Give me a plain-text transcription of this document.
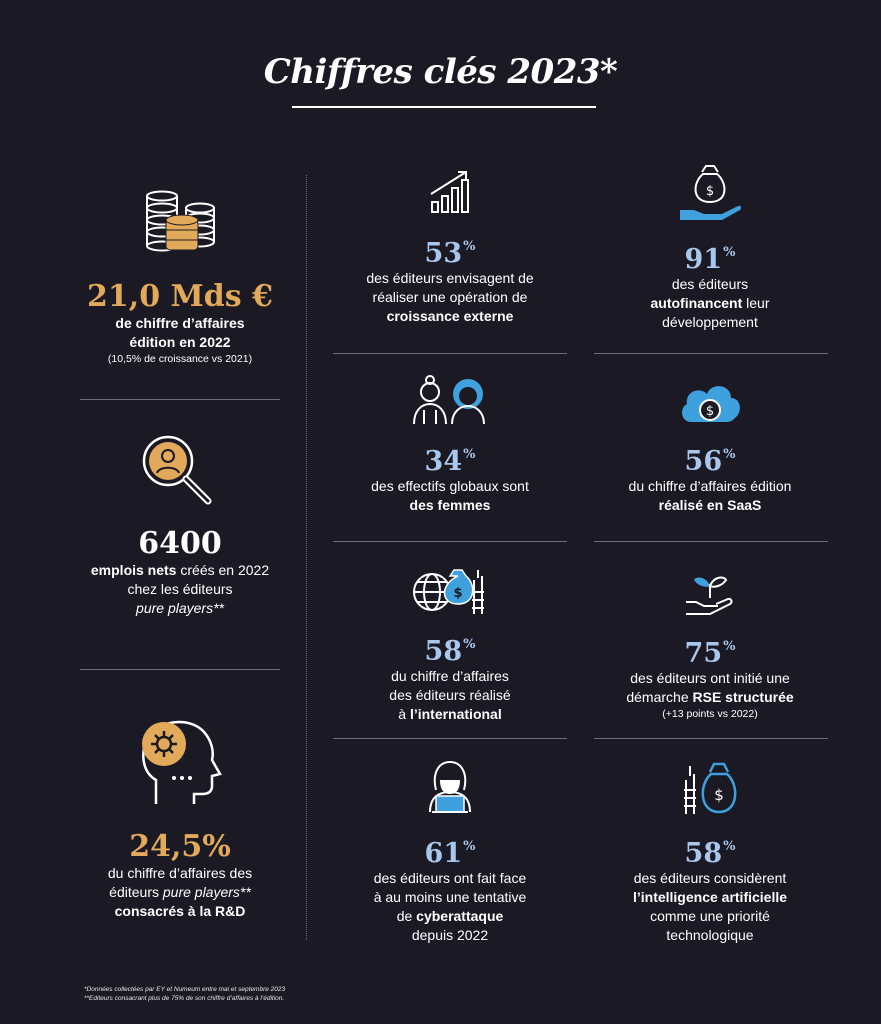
Chiffres clés 2023*
21,0 Mds €
de chiffre d’affaires
édition en 2022
(10,5% de croissance vs 2021)
6400
emplois nets créés en 2022
chez les éditeurs
pure players**
24,5%
du chiffre d’affaires des
éditeurs pure players**
consacrés à la R&D
53%
des éditeurs envisagent de
réaliser une opération de
croissance externe
$
91%
des éditeurs
autofinancent leur
développement
34%
des effectifs globaux sont
des femmes
$
56%
du chiffre d’affaires édition
réalisé en SaaS
$
58%
du chiffre d’affaires
des éditeurs réalisé
à l’international
75%
des éditeurs ont initié une
démarche RSE structurée
(+13 points vs 2022)
61%
des éditeurs ont fait face
à au moins une tentative
de cyberattaque
depuis 2022
$
58%
des éditeurs considèrent
l’intelligence artificielle
comme une priorité
technologique
*Données collectées par EY et Numeum entre mai et septembre 2023
**Editeurs consacrant plus de 75% de son chiffre d’affaires à l’édition.
